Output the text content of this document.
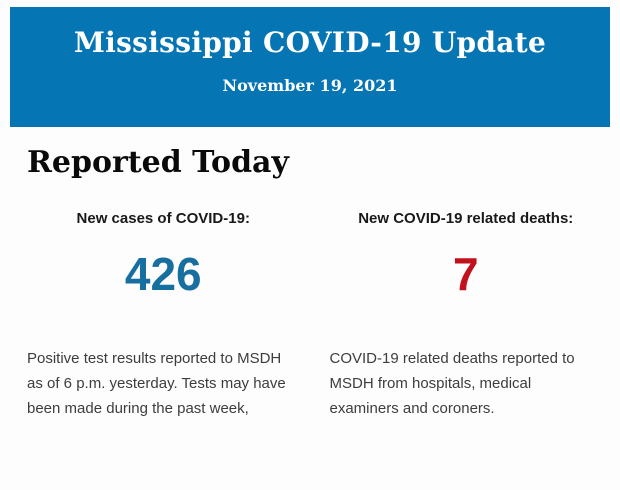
Mississippi COVID-19 Update
November 19, 2021
Reported Today
New cases of COVID-19:
426

Positive test results reported to MSDH as of 6 p.m. yesterday. Tests may have been made during the past week,

New COVID-19 related deaths:
7

COVID-19 related deaths reported to MSDH from hospitals, medical examiners and coroners.
